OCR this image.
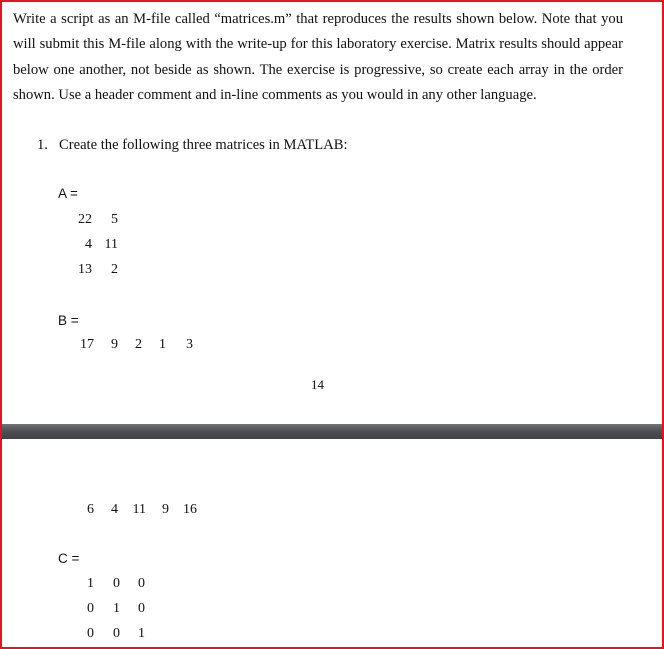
Write a script as an M-file called “matrices.m” that reproduces the results shown below. Note that you will submit this M-file along with the write-up for this laboratory exercise. Matrix results should appear below one another, not beside as shown. The exercise is progressive, so create each array in the order shown. Use a header comment and in-line comments as you would in any other language.
1. Create the following three matrices in MATLAB:
A =
22	5
4 11
13	2
B =
17	9	2	1	3
6	4	11	9	16
14
C =
1	0	0
0	1	0
0	0	1
